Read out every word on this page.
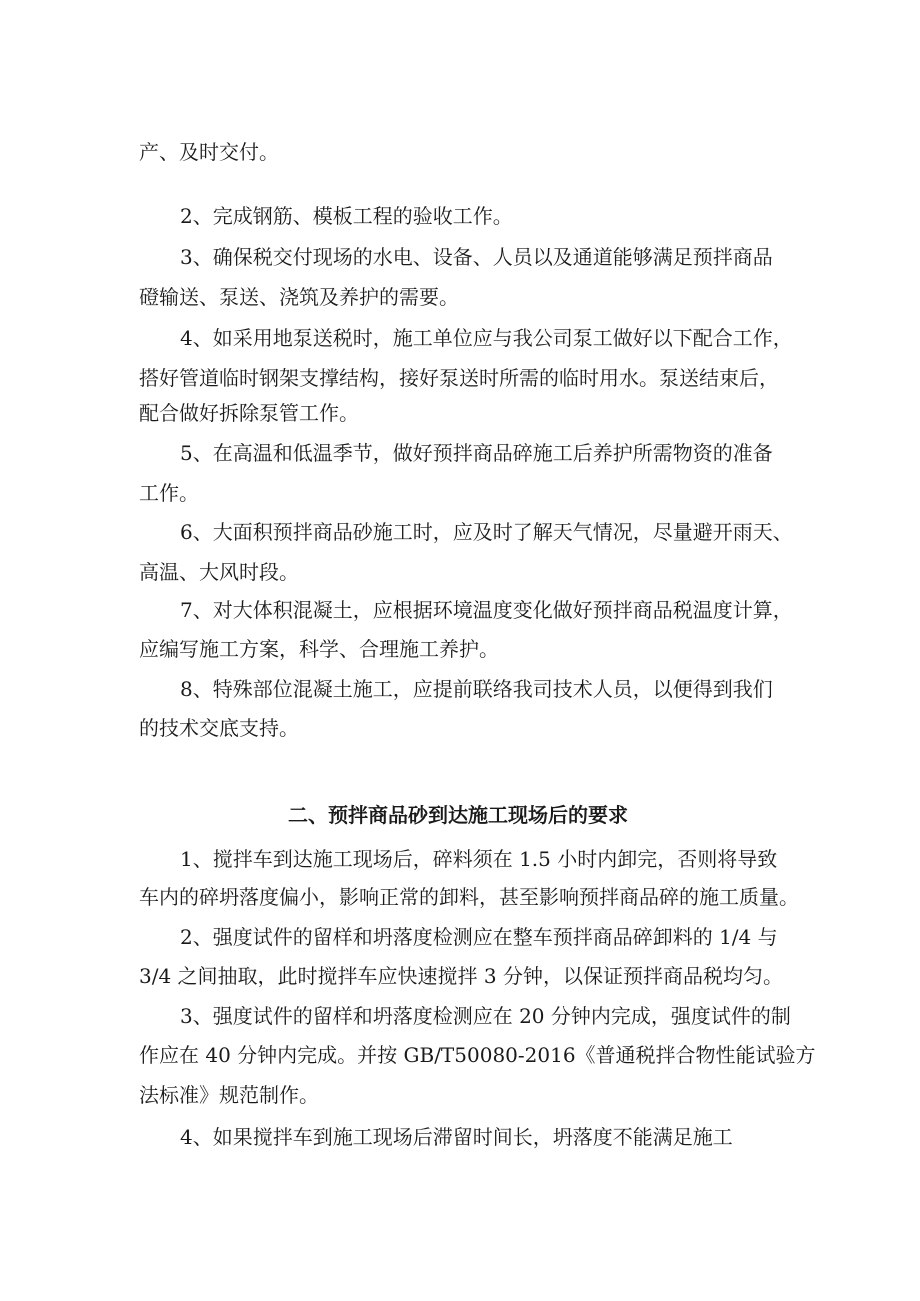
产、及时交付。
2、完成钢筋、模板工程的验收工作。
3、确保税交付现场的水电、设备、人员以及通道能够满足预拌商品
磴输送、泵送、浇筑及养护的需要。
4、如采用地泵送税时，施工单位应与我公司泵工做好以下配合工作，
搭好管道临时钢架支撑结构，接好泵送时所需的临时用水。泵送结束后，
配合做好拆除泵管工作。
5、在高温和低温季节，做好预拌商品碎施工后养护所需物资的准备
工作。
6、大面积预拌商品砂施工时，应及时了解天气情况，尽量避开雨天、
高温、大风时段。
7、对大体积混凝土，应根据环境温度变化做好预拌商品税温度计算，
应编写施工方案，科学、合理施工养护。
8、特殊部位混凝土施工，应提前联络我司技术人员，以便得到我们
的技术交底支持。
二、预拌商品砂到达施工现场后的要求
1、搅拌车到达施工现场后，碎料须在 1.5 小时内卸完，否则将导致
车内的碎坍落度偏小，影响正常的卸料，甚至影响预拌商品碎的施工质量。
2、强度试件的留样和坍落度检测应在整车预拌商品碎卸料的 1/4 与
3/4 之间抽取，此时搅拌车应快速搅拌 3 分钟，以保证预拌商品税均匀。
3、强度试件的留样和坍落度检测应在 20 分钟内完成，强度试件的制
作应在 40 分钟内完成。并按 GB/T50080-2016《普通税拌合物性能试验方
法标准》规范制作。
4、如果搅拌车到施工现场后滞留时间长，坍落度不能满足施工
